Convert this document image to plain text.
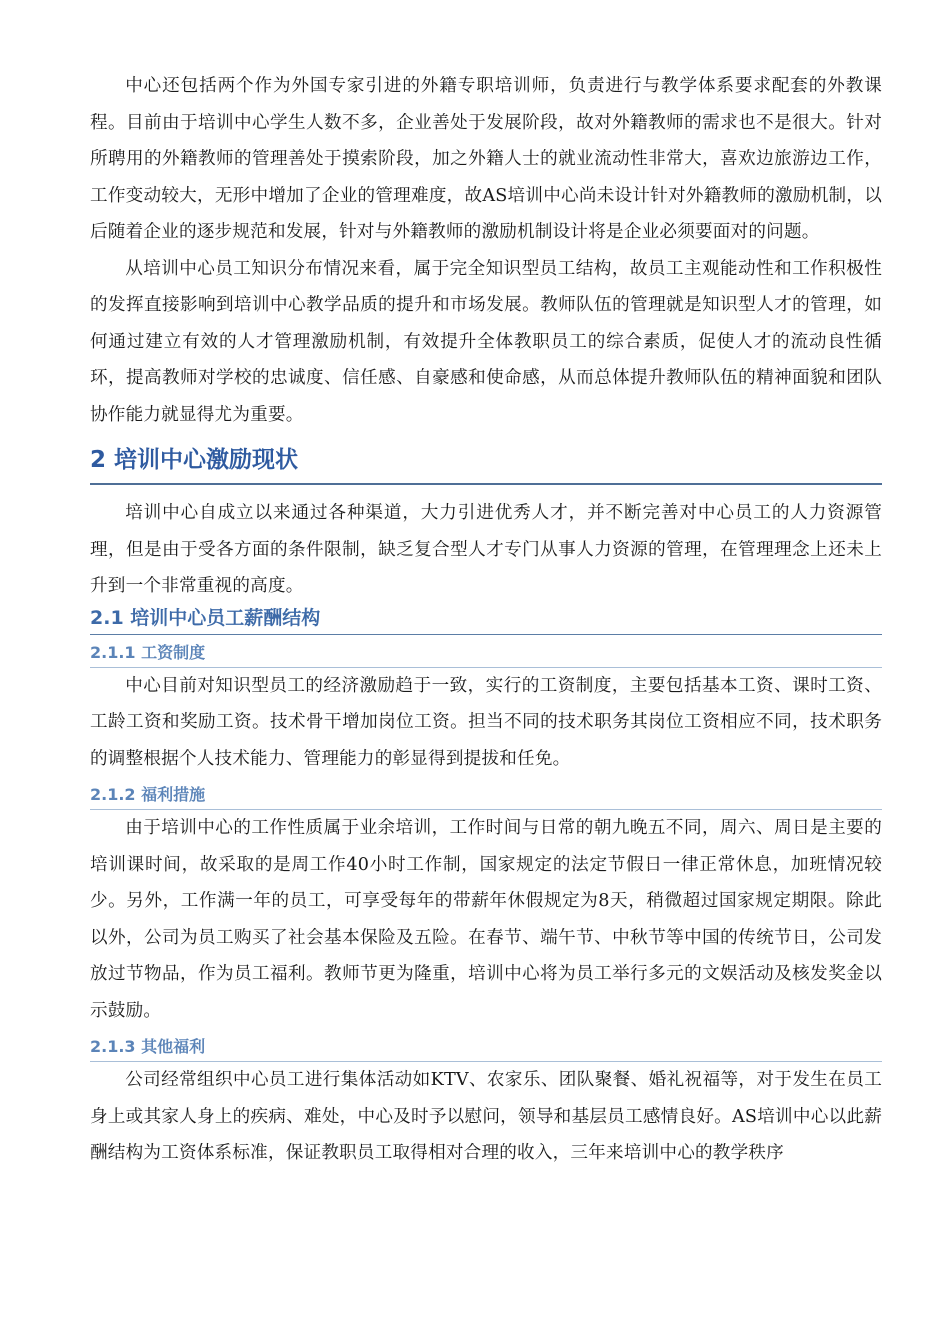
中心还包括两个作为外国专家引进的外籍专职培训师，负责进行与教学体系要求配套的外教课程。目前由于培训中心学生人数不多，企业善处于发展阶段，故对外籍教师的需求也不是很大。针对所聘用的外籍教师的管理善处于摸索阶段，加之外籍人士的就业流动性非常大，喜欢边旅游边工作，工作变动较大，无形中增加了企业的管理难度，故AS培训中心尚未设计针对外籍教师的激励机制，以后随着企业的逐步规范和发展，针对与外籍教师的激励机制设计将是企业必须要面对的问题。

从培训中心员工知识分布情况来看，属于完全知识型员工结构，故员工主观能动性和工作积极性的发挥直接影响到培训中心教学品质的提升和市场发展。教师队伍的管理就是知识型人才的管理，如何通过建立有效的人才管理激励机制，有效提升全体教职员工的综合素质，促使人才的流动良性循环，提高教师对学校的忠诚度、信任感、自豪感和使命感，从而总体提升教师队伍的精神面貌和团队协作能力就显得尤为重要。

2 培训中心激励现状

培训中心自成立以来通过各种渠道，大力引进优秀人才，并不断完善对中心员工的人力资源管理，但是由于受各方面的条件限制，缺乏复合型人才专门从事人力资源的管理，在管理理念上还未上升到一个非常重视的高度。

2.1 培训中心员工薪酬结构
2.1.1 工资制度

中心目前对知识型员工的经济激励趋于一致，实行的工资制度，主要包括基本工资、课时工资、工龄工资和奖励工资。技术骨干增加岗位工资。担当不同的技术职务其岗位工资相应不同，技术职务的调整根据个人技术能力、管理能力的彰显得到提拔和任免。

2.1.2 福利措施

由于培训中心的工作性质属于业余培训，工作时间与日常的朝九晚五不同，周六、周日是主要的培训课时间，故采取的是周工作40小时工作制，国家规定的法定节假日一律正常休息，加班情况较少。另外，工作满一年的员工，可享受每年的带薪年休假规定为8天，稍微超过国家规定期限。除此以外，公司为员工购买了社会基本保险及五险。在春节、端午节、中秋节等中国的传统节日，公司发放过节物品，作为员工福利。教师节更为隆重，培训中心将为员工举行多元的文娱活动及核发奖金以示鼓励。

2.1.3 其他福利

公司经常组织中心员工进行集体活动如KTV、农家乐、团队聚餐、婚礼祝福等，对于发生在员工身上或其家人身上的疾病、难处，中心及时予以慰问，领导和基层员工感情良好。AS培训中心以此薪酬结构为工资体系标准，保证教职员工取得相对合理的收入，三年来培训中心的教学秩序
